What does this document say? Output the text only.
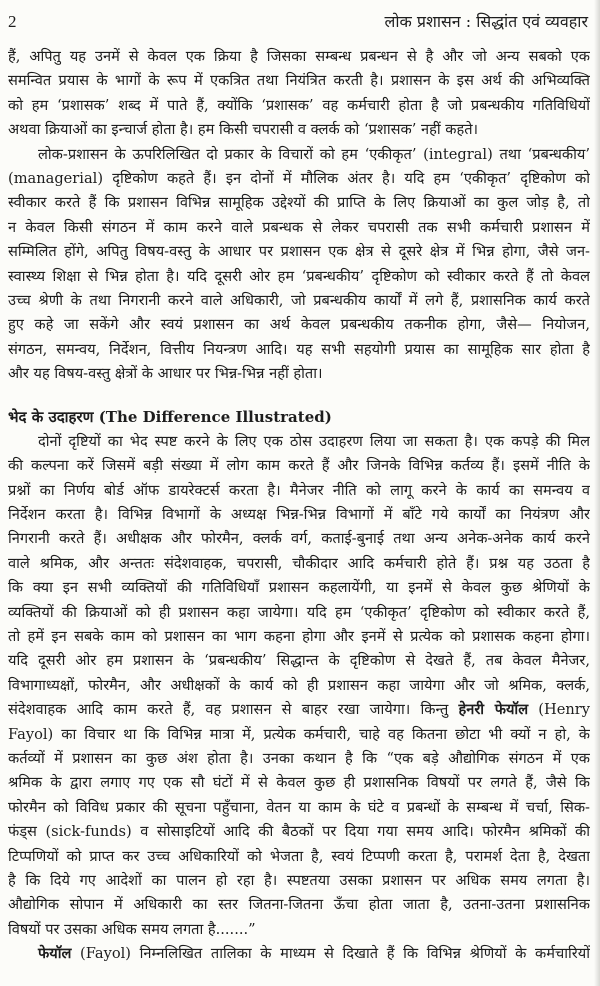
2	लोक प्रशासन : सिद्धांत एवं व्यवहार
हैं, अपितु यह उनमें से केवल एक क्रिया है जिसका सम्बन्ध प्रबन्धन से है और जो अन्य सबको एक
समन्वित प्रयास के भागों के रूप में एकत्रित तथा नियंत्रित करती है। प्रशासन के इस अर्थ की अभिव्यक्ति
को हम ‘प्रशासक’ शब्द में पाते हैं, क्योंकि ‘प्रशासक’ वह कर्मचारी होता है जो प्रबन्धकीय गतिविधियों
अथवा क्रियाओं का इन्चार्ज होता है। हम किसी चपरासी व क्लर्क को ‘प्रशासक’ नहीं कहते।
लोक-प्रशासन के ऊपरिलिखित दो प्रकार के विचारों को हम ‘एकीकृत’ (integral) तथा ‘प्रबन्धकीय’
(managerial) दृष्टिकोण कहते हैं। इन दोनों में मौलिक अंतर है। यदि हम ‘एकीकृत’ दृष्टिकोण को
स्वीकार करते हैं कि प्रशासन विभिन्न सामूहिक उद्देश्यों की प्राप्ति के लिए क्रियाओं का कुल जोड़ है, तो
न केवल किसी संगठन में काम करने वाले प्रबन्धक से लेकर चपरासी तक सभी कर्मचारी प्रशासन में
सम्मिलित होंगे, अपितु विषय-वस्तु के आधार पर प्रशासन एक क्षेत्र से दूसरे क्षेत्र में भिन्न होगा, जैसे जन-
स्वास्थ्य शिक्षा से भिन्न होता है। यदि दूसरी ओर हम ‘प्रबन्धकीय’ दृष्टिकोण को स्वीकार करते हैं तो केवल
उच्च श्रेणी के तथा निगरानी करने वाले अधिकारी, जो प्रबन्धकीय कार्यों में लगे हैं, प्रशासनिक कार्य करते
हुए कहे जा सकेंगे और स्वयं प्रशासन का अर्थ केवल प्रबन्धकीय तकनीक होगा, जैसे— नियोजन,
संगठन, समन्वय, निर्देशन, वित्तीय नियन्त्रण आदि। यह सभी सहयोगी प्रयास का सामूहिक सार होता है
और यह विषय-वस्तु क्षेत्रों के आधार पर भिन्न-भिन्न नहीं होता।
भेद के उदाहरण (The Difference Illustrated)
दोनों दृष्टियों का भेद स्पष्ट करने के लिए एक ठोस उदाहरण लिया जा सकता है। एक कपड़े की मिल
की कल्पना करें जिसमें बड़ी संख्या में लोग काम करते हैं और जिनके विभिन्न कर्तव्य हैं। इसमें नीति के
प्रश्नों का निर्णय बोर्ड ऑफ डायरेक्टर्स करता है। मैनेजर नीति को लागू करने के कार्य का समन्वय व
निर्देशन करता है। विभिन्न विभागों के अध्यक्ष भिन्न-भिन्न विभागों में बाँटे गये कार्यों का नियंत्रण और
निगरानी करते हैं। अधीक्षक और फोरमैन, क्लर्क वर्ग, कताई-बुनाई तथा अन्य अनेक-अनेक कार्य करने
वाले श्रमिक, और अन्ततः संदेशवाहक, चपरासी, चौकीदार आदि कर्मचारी होते हैं। प्रश्न यह उठता है
कि क्या इन सभी व्यक्तियों की गतिविधियाँ प्रशासन कहलायेंगी, या इनमें से केवल कुछ श्रेणियों के
व्यक्तियों की क्रियाओं को ही प्रशासन कहा जायेगा। यदि हम ‘एकीकृत’ दृष्टिकोण को स्वीकार करते हैं,
तो हमें इन सबके काम को प्रशासन का भाग कहना होगा और इनमें से प्रत्येक को प्रशासक कहना होगा।
यदि दूसरी ओर हम प्रशासन के ‘प्रबन्धकीय’ सिद्धान्त के दृष्टिकोण से देखते हैं, तब केवल मैनेजर,
विभागाध्यक्षों, फोरमैन, और अधीक्षकों के कार्य को ही प्रशासन कहा जायेगा और जो श्रमिक, क्लर्क,
संदेशवाहक आदि काम करते हैं, वह प्रशासन से बाहर रखा जायेगा। किन्तु हेनरी फेयॉल (Henry
Fayol) का विचार था कि विभिन्न मात्रा में, प्रत्येक कर्मचारी, चाहे वह कितना छोटा भी क्यों न हो, के
कर्तव्यों में प्रशासन का कुछ अंश होता है। उनका कथान है कि “एक बड़े औद्योगिक संगठन में एक
श्रमिक के द्वारा लगाए गए एक सौ घंटों में से केवल कुछ ही प्रशासनिक विषयों पर लगते हैं, जैसे कि
फोरमैन को विविध प्रकार की सूचना पहुँचाना, वेतन या काम के घंटे व प्रबन्धों के सम्बन्ध में चर्चा, सिक-
फंड्स (sick-funds) व सोसाइटियों आदि की बैठकों पर दिया गया समय आदि। फोरमैन श्रमिकों की
टिप्पणियों को प्राप्त कर उच्च अधिकारियों को भेजता है, स्वयं टिप्पणी करता है, परामर्श देता है, देखता
है कि दिये गए आदेशों का पालन हो रहा है। स्पष्टतया उसका प्रशासन पर अधिक समय लगता है।
औद्योगिक सोपान में अधिकारी का स्तर जितना-जितना ऊँचा होता जाता है, उतना-उतना प्रशासनिक
विषयों पर उसका अधिक समय लगता है.......”
फेयॉल (Fayol) निम्नलिखित तालिका के माध्यम से दिखाते हैं कि विभिन्न श्रेणियों के कर्मचारियों
